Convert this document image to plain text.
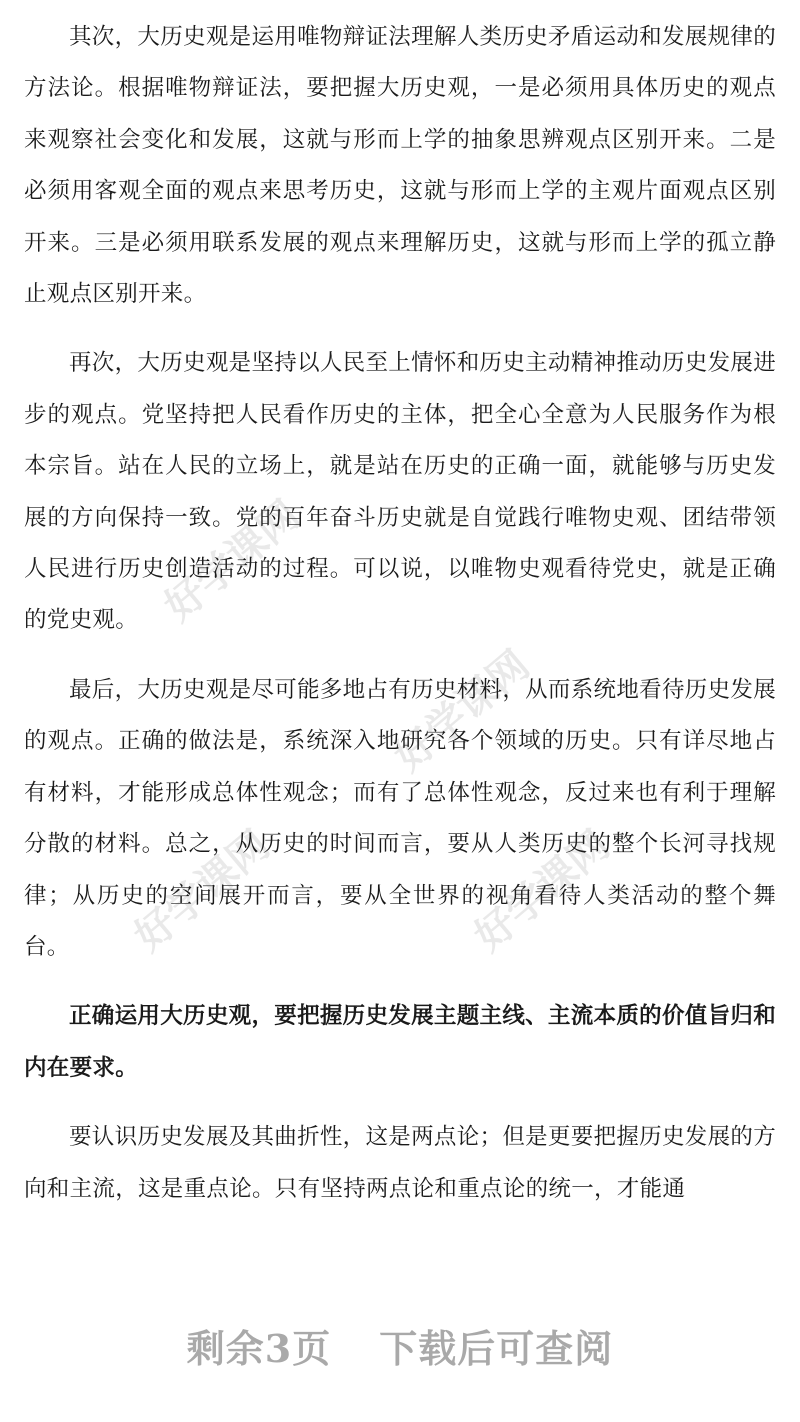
好学课网
好学课网
好学课网	好学课网

其次，大历史观是运用唯物辩证法理解人类历史矛盾运动和发展规律的方法论。根据唯物辩证法，要把握大历史观，一是必须用具体历史的观点来观察社会变化和发展，这就与形而上学的抽象思辨观点区别开来。二是必须用客观全面的观点来思考历史，这就与形而上学的主观片面观点区别开来。三是必须用联系发展的观点来理解历史，这就与形而上学的孤立静止观点区别开来。

再次，大历史观是坚持以人民至上情怀和历史主动精神推动历史发展进步的观点。党坚持把人民看作历史的主体，把全心全意为人民服务作为根本宗旨。站在人民的立场上，就是站在历史的正确一面，就能够与历史发展的方向保持一致。党的百年奋斗历史就是自觉践行唯物史观、团结带领人民进行历史创造活动的过程。可以说，以唯物史观看待党史，就是正确的党史观。

最后，大历史观是尽可能多地占有历史材料，从而系统地看待历史发展的观点。正确的做法是，系统深入地研究各个领域的历史。只有详尽地占有材料，才能形成总体性观念；而有了总体性观念，反过来也有利于理解分散的材料。总之，从历史的时间而言，要从人类历史的整个长河寻找规律；从历史的空间展开而言，要从全世界的视角看待人类活动的整个舞台。

正确运用大历史观，要把握历史发展主题主线、主流本质的价值旨归和内在要求。

要认识历史发展及其曲折性，这是两点论；但是更要把握历史发展的方向和主流，这是重点论。只有坚持两点论和重点论的统一，才能通

剩余3页 下载后可查阅
